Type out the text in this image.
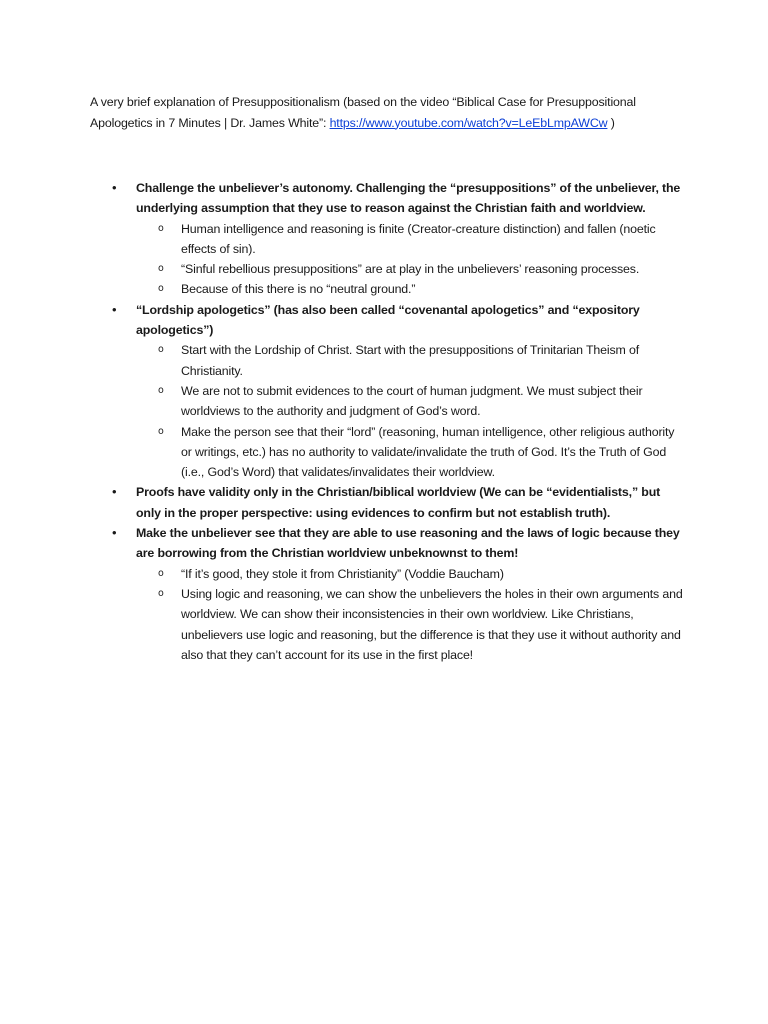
A very brief explanation of Presuppositionalism (based on the video “Biblical Case for Presuppositional Apologetics in 7 Minutes | Dr. James White”: https://www.youtube.com/watch?v=LeEbLmpAWCw )

• Challenge the unbeliever’s autonomy. Challenging the “presuppositions” of the unbeliever, the underlying assumption that they use to reason against the Christian faith and worldview.
o Human intelligence and reasoning is finite (Creator-creature distinction) and fallen (noetic effects of sin).
o “Sinful rebellious presuppositions” are at play in the unbelievers’ reasoning processes.
o Because of this there is no “neutral ground.”
• “Lordship apologetics” (has also been called “covenantal apologetics” and “expository apologetics”)
o Start with the Lordship of Christ. Start with the presuppositions of Trinitarian Theism of Christianity.
o We are not to submit evidences to the court of human judgment. We must subject their worldviews to the authority and judgment of God’s word.
o Make the person see that their “lord” (reasoning, human intelligence, other religious authority or writings, etc.) has no authority to validate/invalidate the truth of God. It’s the Truth of God (i.e., God’s Word) that validates/invalidates their worldview.
• Proofs have validity only in the Christian/biblical worldview (We can be “evidentialists,” but only in the proper perspective: using evidences to confirm but not establish truth).
• Make the unbeliever see that they are able to use reasoning and the laws of logic because they are borrowing from the Christian worldview unbeknownst to them!
o “If it’s good, they stole it from Christianity” (Voddie Baucham)
o Using logic and reasoning, we can show the unbelievers the holes in their own arguments and worldview. We can show their inconsistencies in their own worldview. Like Christians, unbelievers use logic and reasoning, but the difference is that they use it without authority and also that they can’t account for its use in the first place!
